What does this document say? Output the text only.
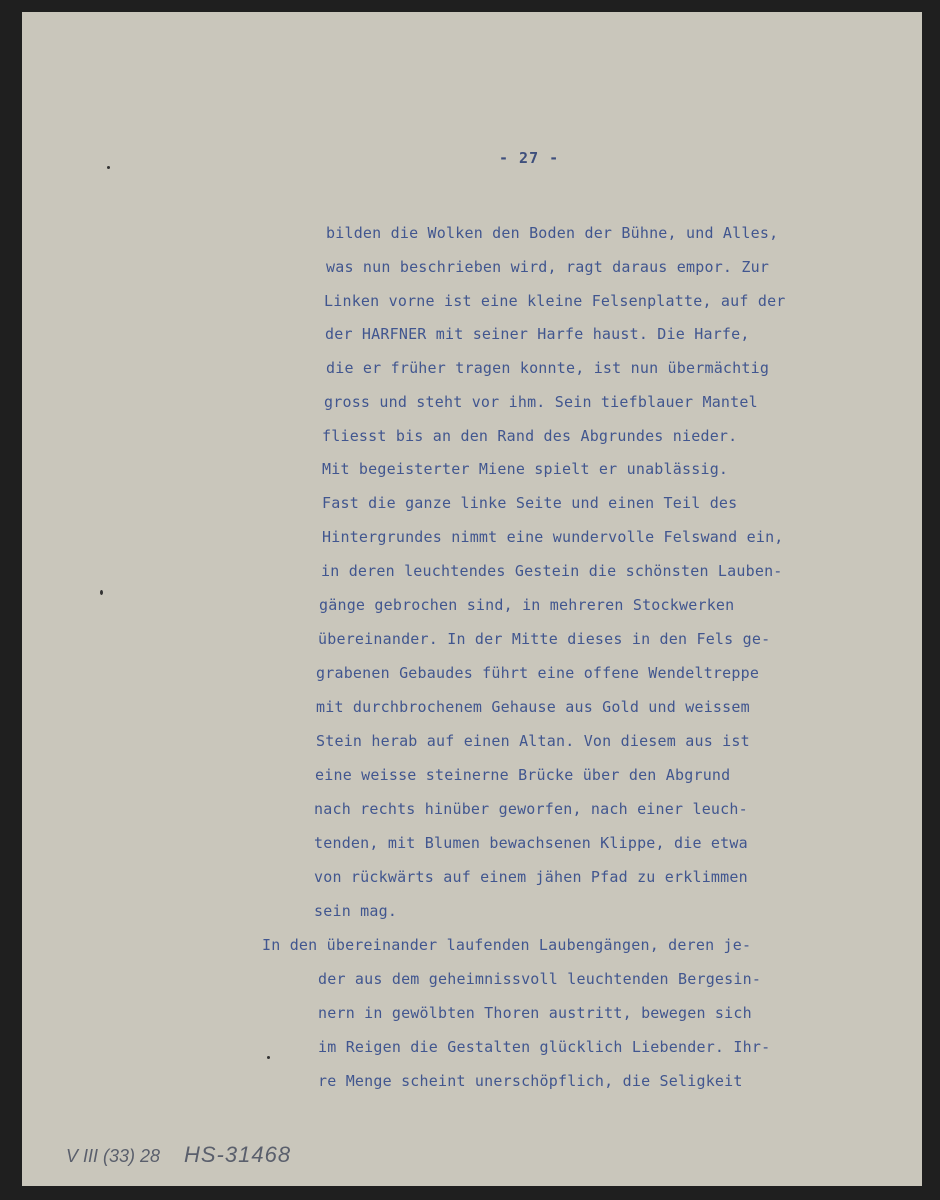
- 27 -
bilden die Wolken den Boden der Bühne, und Alles,
was nun beschrieben wird, ragt daraus empor. Zur
Linken vorne ist eine kleine Felsenplatte, auf der
der HARFNER mit seiner Harfe haust. Die Harfe,
die er früher tragen konnte, ist nun übermächtig
gross und steht vor ihm. Sein tiefblauer Mantel
fliesst bis an den Rand des Abgrundes nieder.
Mit begeisterter Miene spielt er unablässig.
Fast die ganze linke Seite und einen Teil des
Hintergrundes nimmt eine wundervolle Felswand ein,
in deren leuchtendes Gestein die schönsten Lauben-
gänge gebrochen sind, in mehreren Stockwerken
übereinander. In der Mitte dieses in den Fels ge-
grabenen Gebaudes führt eine offene Wendeltreppe
mit durchbrochenem Gehause aus Gold und weissem
Stein herab auf einen Altan. Von diesem aus ist
eine weisse steinerne Brücke über den Abgrund
nach rechts hinüber geworfen, nach einer leuch-
tenden, mit Blumen bewachsenen Klippe, die etwa
von rückwärts auf einem jähen Pfad zu erklimmen
sein mag.
In den übereinander laufenden Laubengängen, deren je-
der aus dem geheimnissvoll leuchtenden Bergesin-
nern in gewölbten Thoren austritt, bewegen sich
im Reigen die Gestalten glücklich Liebender. Ihr-
re Menge scheint unerschöpflich, die Seligkeit
V III (33) 28 HS-31468
